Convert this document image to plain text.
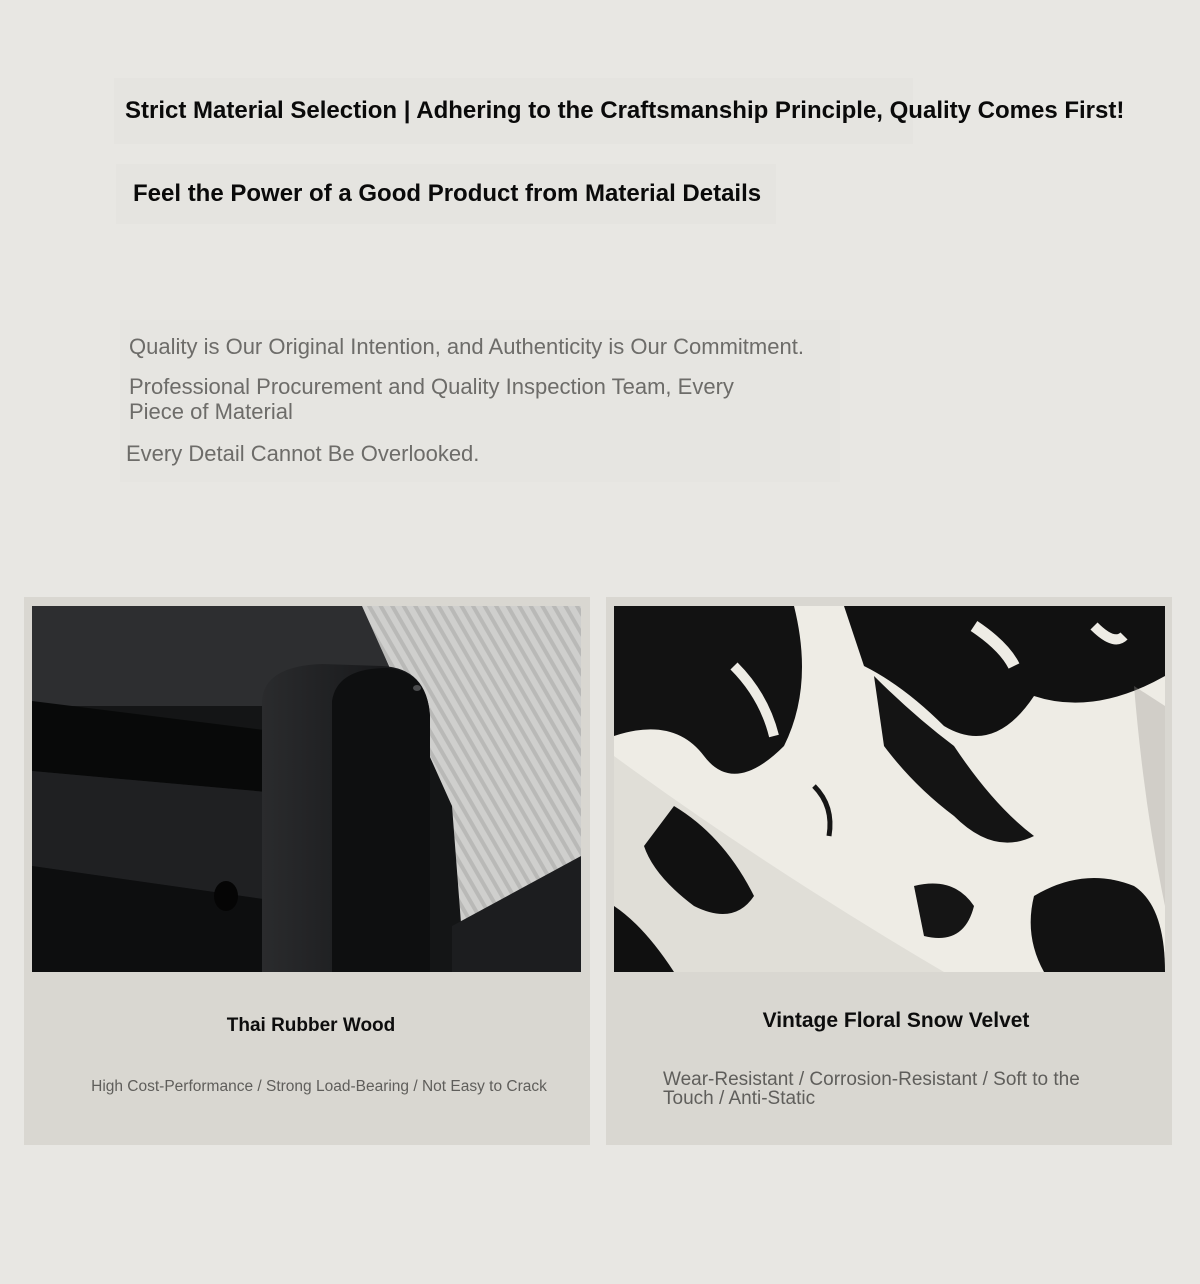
Strict Material Selection | Adhering to the Craftsmanship Principle, Quality Comes First!
Feel the Power of a Good Product from Material Details

Quality is Our Original Intention, and Authenticity is Our Commitment.

Professional Procurement and Quality Inspection Team, Every Piece of Material

Every Detail Cannot Be Overlooked.

Thai Rubber Wood

High Cost-Performance / Strong Load-Bearing / Not Easy to Crack

Vintage Floral Snow Velvet

Wear-Resistant / Corrosion-Resistant / Soft to the Touch / Anti-Static
